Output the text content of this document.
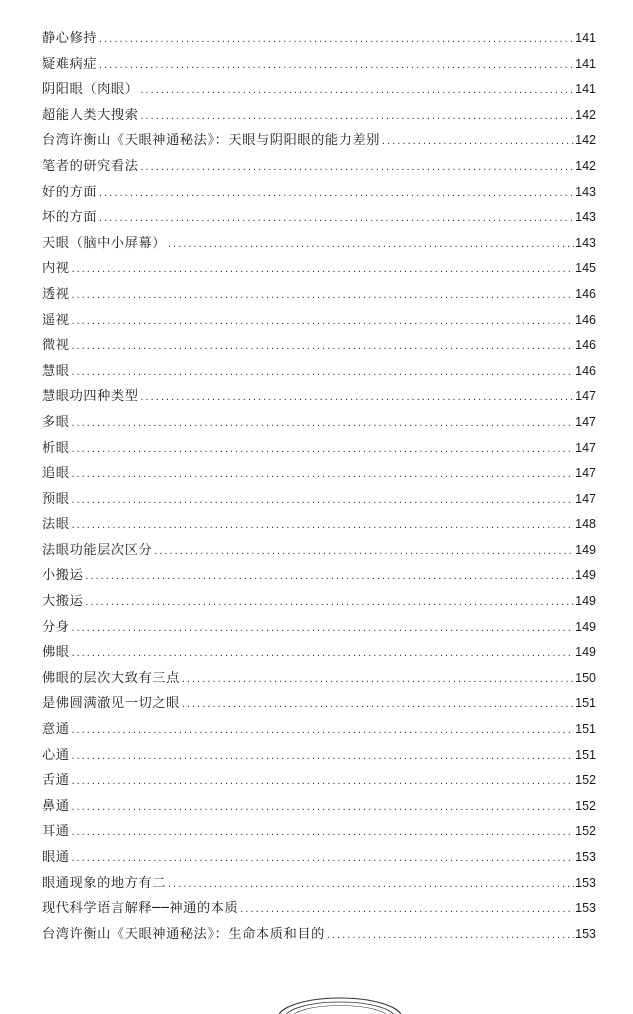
静心修持 .....	141
疑难病症 .....	141
阴阳眼（肉眼） .....	141
超能人类大搜索 .....	142
台湾许衡山《天眼神通秘法》：天眼与阴阳眼的能力差别 .....	142
笔者的研究看法 .....	142
好的方面 .....	143
坏的方面 .....	143
天眼（脑中小屏幕） .....	143
内视 .....	145
透视 .....	146
遥视 .....	146
微视 .....	146
慧眼 .....	146
慧眼功四种类型 .....	147
多眼 .....	147
析眼 .....	147
追眼 .....	147
预眼 .....	147
法眼 .....	148
法眼功能层次区分 .....	149
小搬运 .....	149
大搬运 .....	149
分身 .....	149
佛眼 .....	149
佛眼的层次大致有三点 .....	150
是佛圆满澈见一切之眼 .....	151
意通 .....	151
心通 .....	151
舌通 .....	152
鼻通 .....	152
耳通 .....	152
眼通 .....	153
眼通现象的地方有二 .....	153
现代科学语言解释──神通的本质 .....	153
台湾许衡山《天眼神通秘法》：生命本质和目的 .....	153
